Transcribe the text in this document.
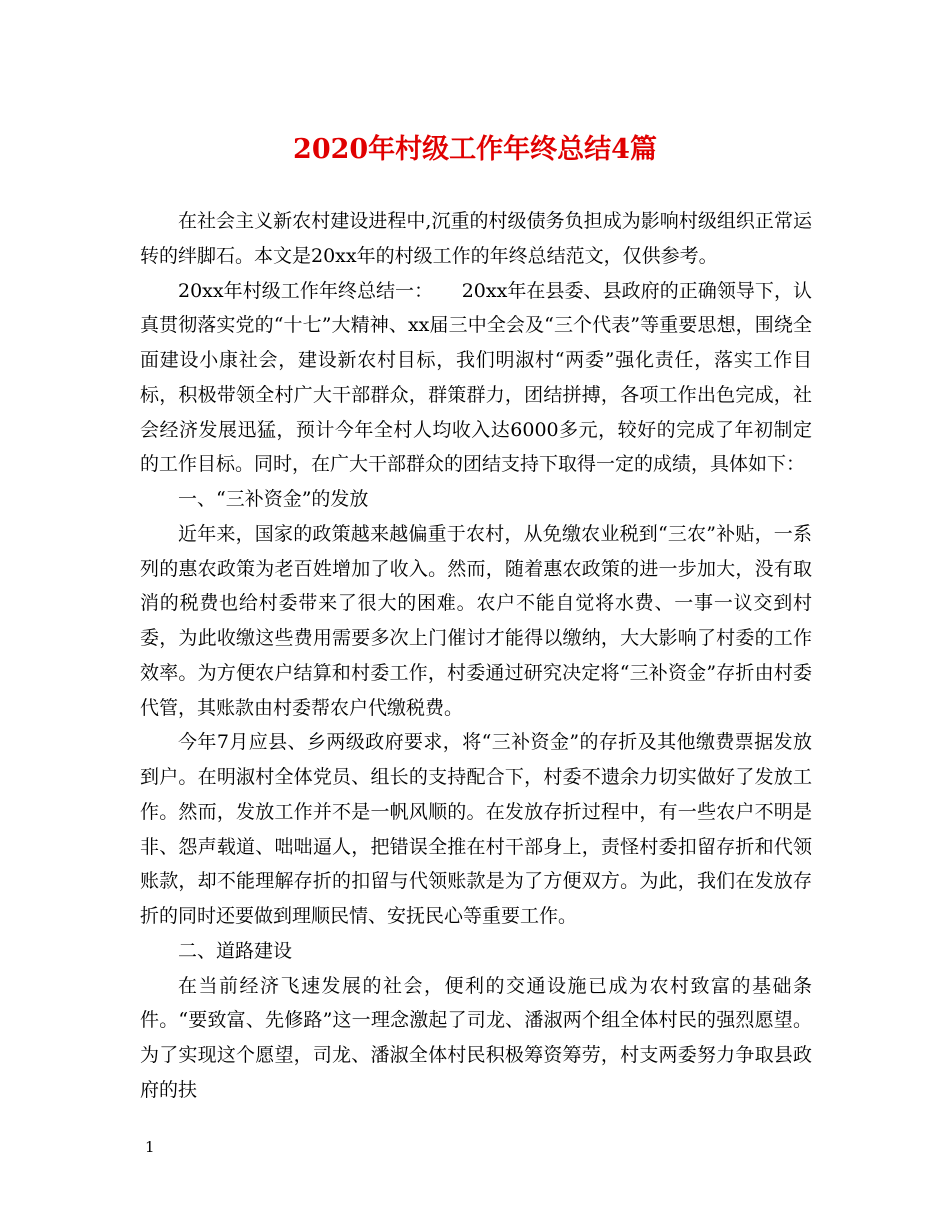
2020年村级工作年终总结4篇

在社会主义新农村建设进程中,沉重的村级债务负担成为影响村级组织正常运转的绊脚石。本文是20xx年的村级工作的年终总结范文，仅供参考。

20xx年村级工作年终总结一：　　20xx年在县委、县政府的正确领导下，认真贯彻落实党的“十七”大精神、xx届三中全会及“三个代表”等重要思想，围绕全面建设小康社会，建设新农村目标，我们明淑村“两委”强化责任，落实工作目标，积极带领全村广大干部群众，群策群力，团结拼搏，各项工作出色完成，社会经济发展迅猛，预计今年全村人均收入达6000多元，较好的完成了年初制定的工作目标。同时，在广大干部群众的团结支持下取得一定的成绩，具体如下：

一、“三补资金”的发放

近年来，国家的政策越来越偏重于农村，从免缴农业税到“三农”补贴，一系列的惠农政策为老百姓增加了收入。然而，随着惠农政策的进一步加大，没有取消的税费也给村委带来了很大的困难。农户不能自觉将水费、一事一议交到村委，为此收缴这些费用需要多次上门催讨才能得以缴纳，大大影响了村委的工作效率。为方便农户结算和村委工作，村委通过研究决定将“三补资金”存折由村委代管，其账款由村委帮农户代缴税费。

今年7月应县、乡两级政府要求，将“三补资金”的存折及其他缴费票据发放到户。在明淑村全体党员、组长的支持配合下，村委不遗余力切实做好了发放工作。然而，发放工作并不是一帆风顺的。在发放存折过程中，有一些农户不明是非、怨声载道、咄咄逼人，把错误全推在村干部身上，责怪村委扣留存折和代领账款，却不能理解存折的扣留与代领账款是为了方便双方。为此，我们在发放存折的同时还要做到理顺民情、安抚民心等重要工作。

二、道路建设

在当前经济飞速发展的社会，便利的交通设施已成为农村致富的基础条件。“要致富、先修路”这一理念激起了司龙、潘淑两个组全体村民的强烈愿望。为了实现这个愿望，司龙、潘淑全体村民积极筹资筹劳，村支两委努力争取县政府的扶

1
